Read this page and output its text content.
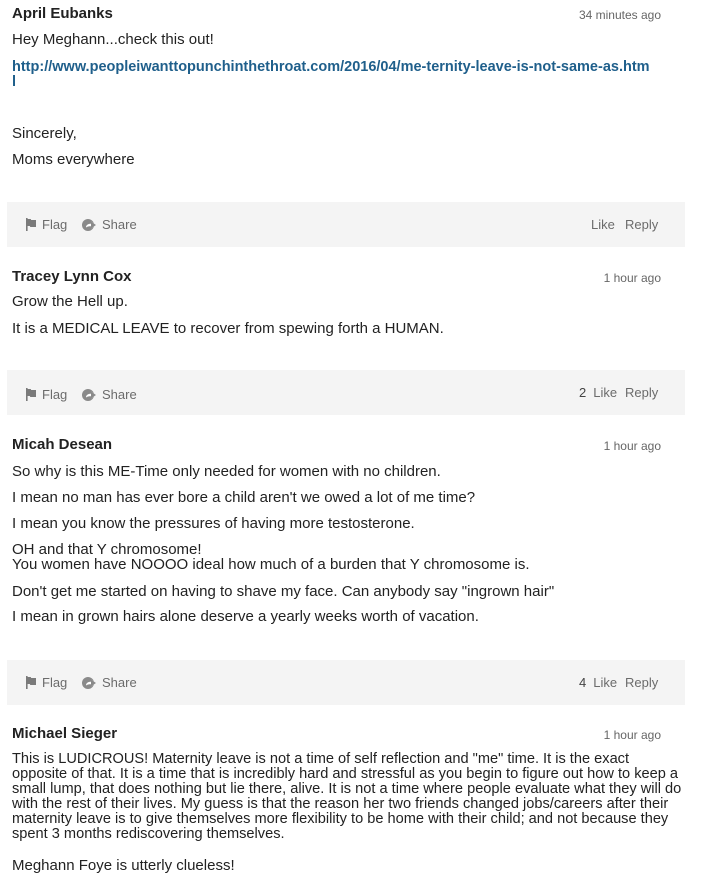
April Eubanks	34 minutes ago
Hey Meghann...check this out!
http://www.peopleiwanttopunchinthethroat.com/2016/04/me-ternity-leave-is-not-same-as.html
Sincerely,
Moms everywhere
Flag	Share	Like Reply
Tracey Lynn Cox	1 hour ago
Grow the Hell up.
It is a MEDICAL LEAVE to recover from spewing forth a HUMAN.
Flag	Share	2 Like Reply
Micah Desean	1 hour ago
So why is this ME-Time only needed for women with no children.
I mean no man has ever bore a child aren't we owed a lot of me time?
I mean you know the pressures of having more testosterone.
OH and that Y chromosome!
You women have NOOOO ideal how much of a burden that Y chromosome is.
Don't get me started on having to shave my face. Can anybody say "ingrown hair"
I mean in grown hairs alone deserve a yearly weeks worth of vacation.
Flag	Share	4 Like Reply
Michael Sieger	1 hour ago
This is LUDICROUS! Maternity leave is not a time of self reflection and "me" time. It is the exact opposite of that. It is a time that is incredibly hard and stressful as you begin to figure out how to keep a small lump, that does nothing but lie there, alive. It is not a time where people evaluate what they will do with the rest of their lives. My guess is that the reason her two friends changed jobs/careers after their maternity leave is to give themselves more flexibility to be home with their child; and not because they spent 3 months rediscovering themselves.
Meghann Foye is utterly clueless!
